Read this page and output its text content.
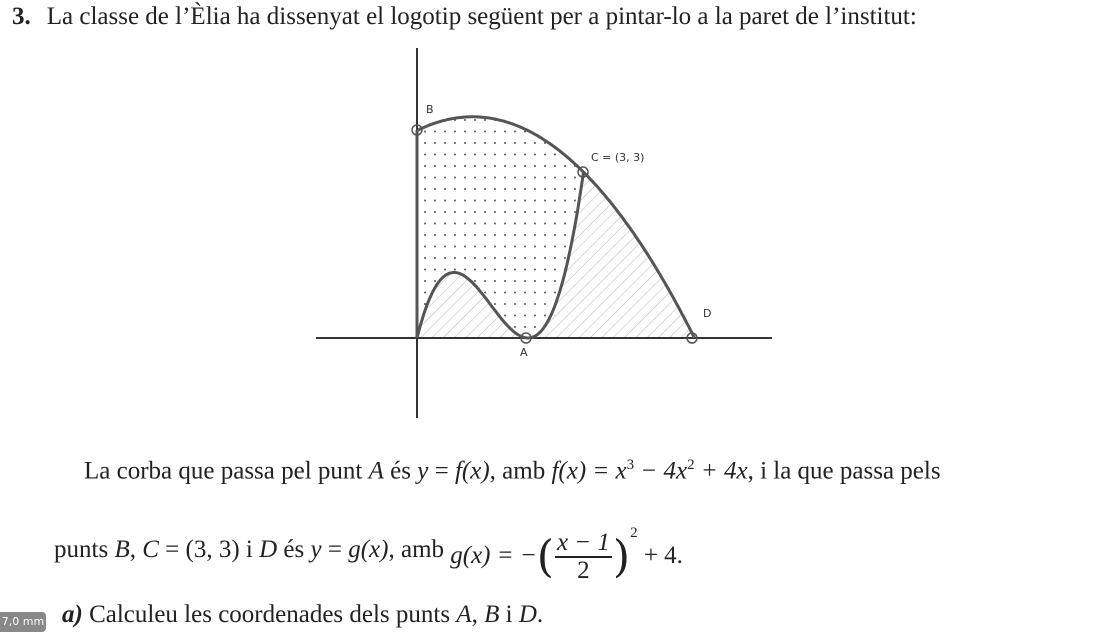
3. La classe de l’Èlia ha dissenyat el logotip següent per a pintar-lo a la paret de l’institut:
B
C = (3, 3)
D
A
La corba que passa pel punt A és y = f(x), amb $f(x) = x^3 - 4x^2 + 4x$, i la que passa pels
punts B, C = (3, 3) i D és y = g(x), amb g(x) = −( $\frac{x - 1}{2} )^2 + 4$.
7,0 mm a) Calculeu les coordenades dels punts A, B i D.
